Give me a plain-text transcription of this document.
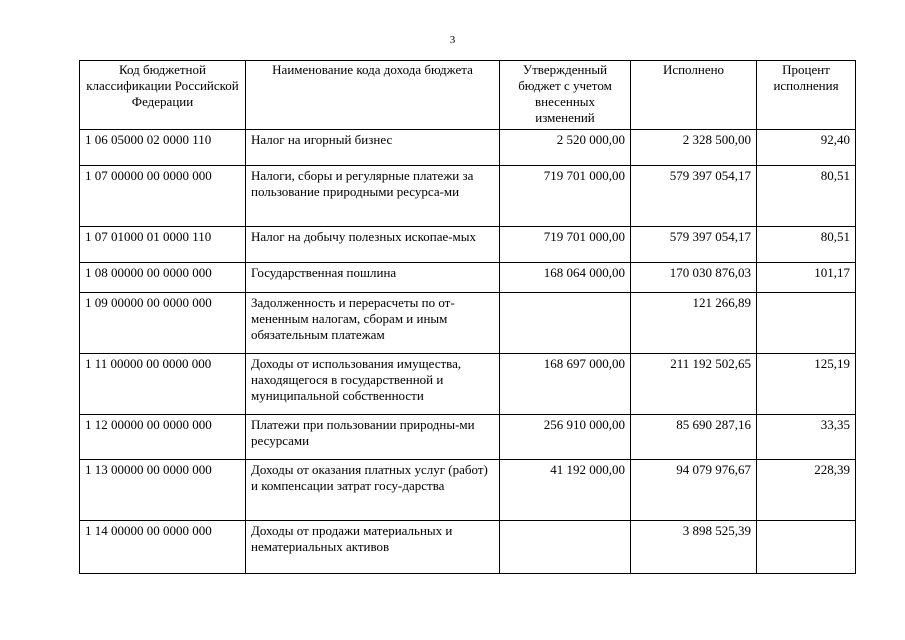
3
Код бюджетной классификации Российской Федерации	Наименование кода дохода бюджета	Утвержденный бюджет с учетом внесенных изменений	Исполнено	Процент исполнения
1 06 05000 02 0000 110	Налог на игорный бизнес	2 520 000,00	2 328 500,00	92,40
1 07 00000 00 0000 000	Налоги, сборы и регулярные платежи за пользование природными ресурса-ми	719 701 000,00	579 397 054,17	80,51
1 07 01000 01 0000 110	Налог на добычу полезных ископае-мых	719 701 000,00	579 397 054,17	80,51
1 08 00000 00 0000 000	Государственная пошлина	168 064 000,00	170 030 876,03	101,17
1 09 00000 00 0000 000	Задолженность и перерасчеты по от-мененным налогам, сборам и иным обязательным платежам		121 266,89	
1 11 00000 00 0000 000	Доходы от использования имущества, находящегося в государственной и муниципальной собственности	168 697 000,00	211 192 502,65	125,19
1 12 00000 00 0000 000	Платежи при пользовании природны-ми ресурсами	256 910 000,00	85 690 287,16	33,35
1 13 00000 00 0000 000	Доходы от оказания платных услуг (работ) и компенсации затрат госу-дарства	41 192 000,00	94 079 976,67	228,39
1 14 00000 00 0000 000	Доходы от продажи материальных и нематериальных активов		3 898 525,39	
